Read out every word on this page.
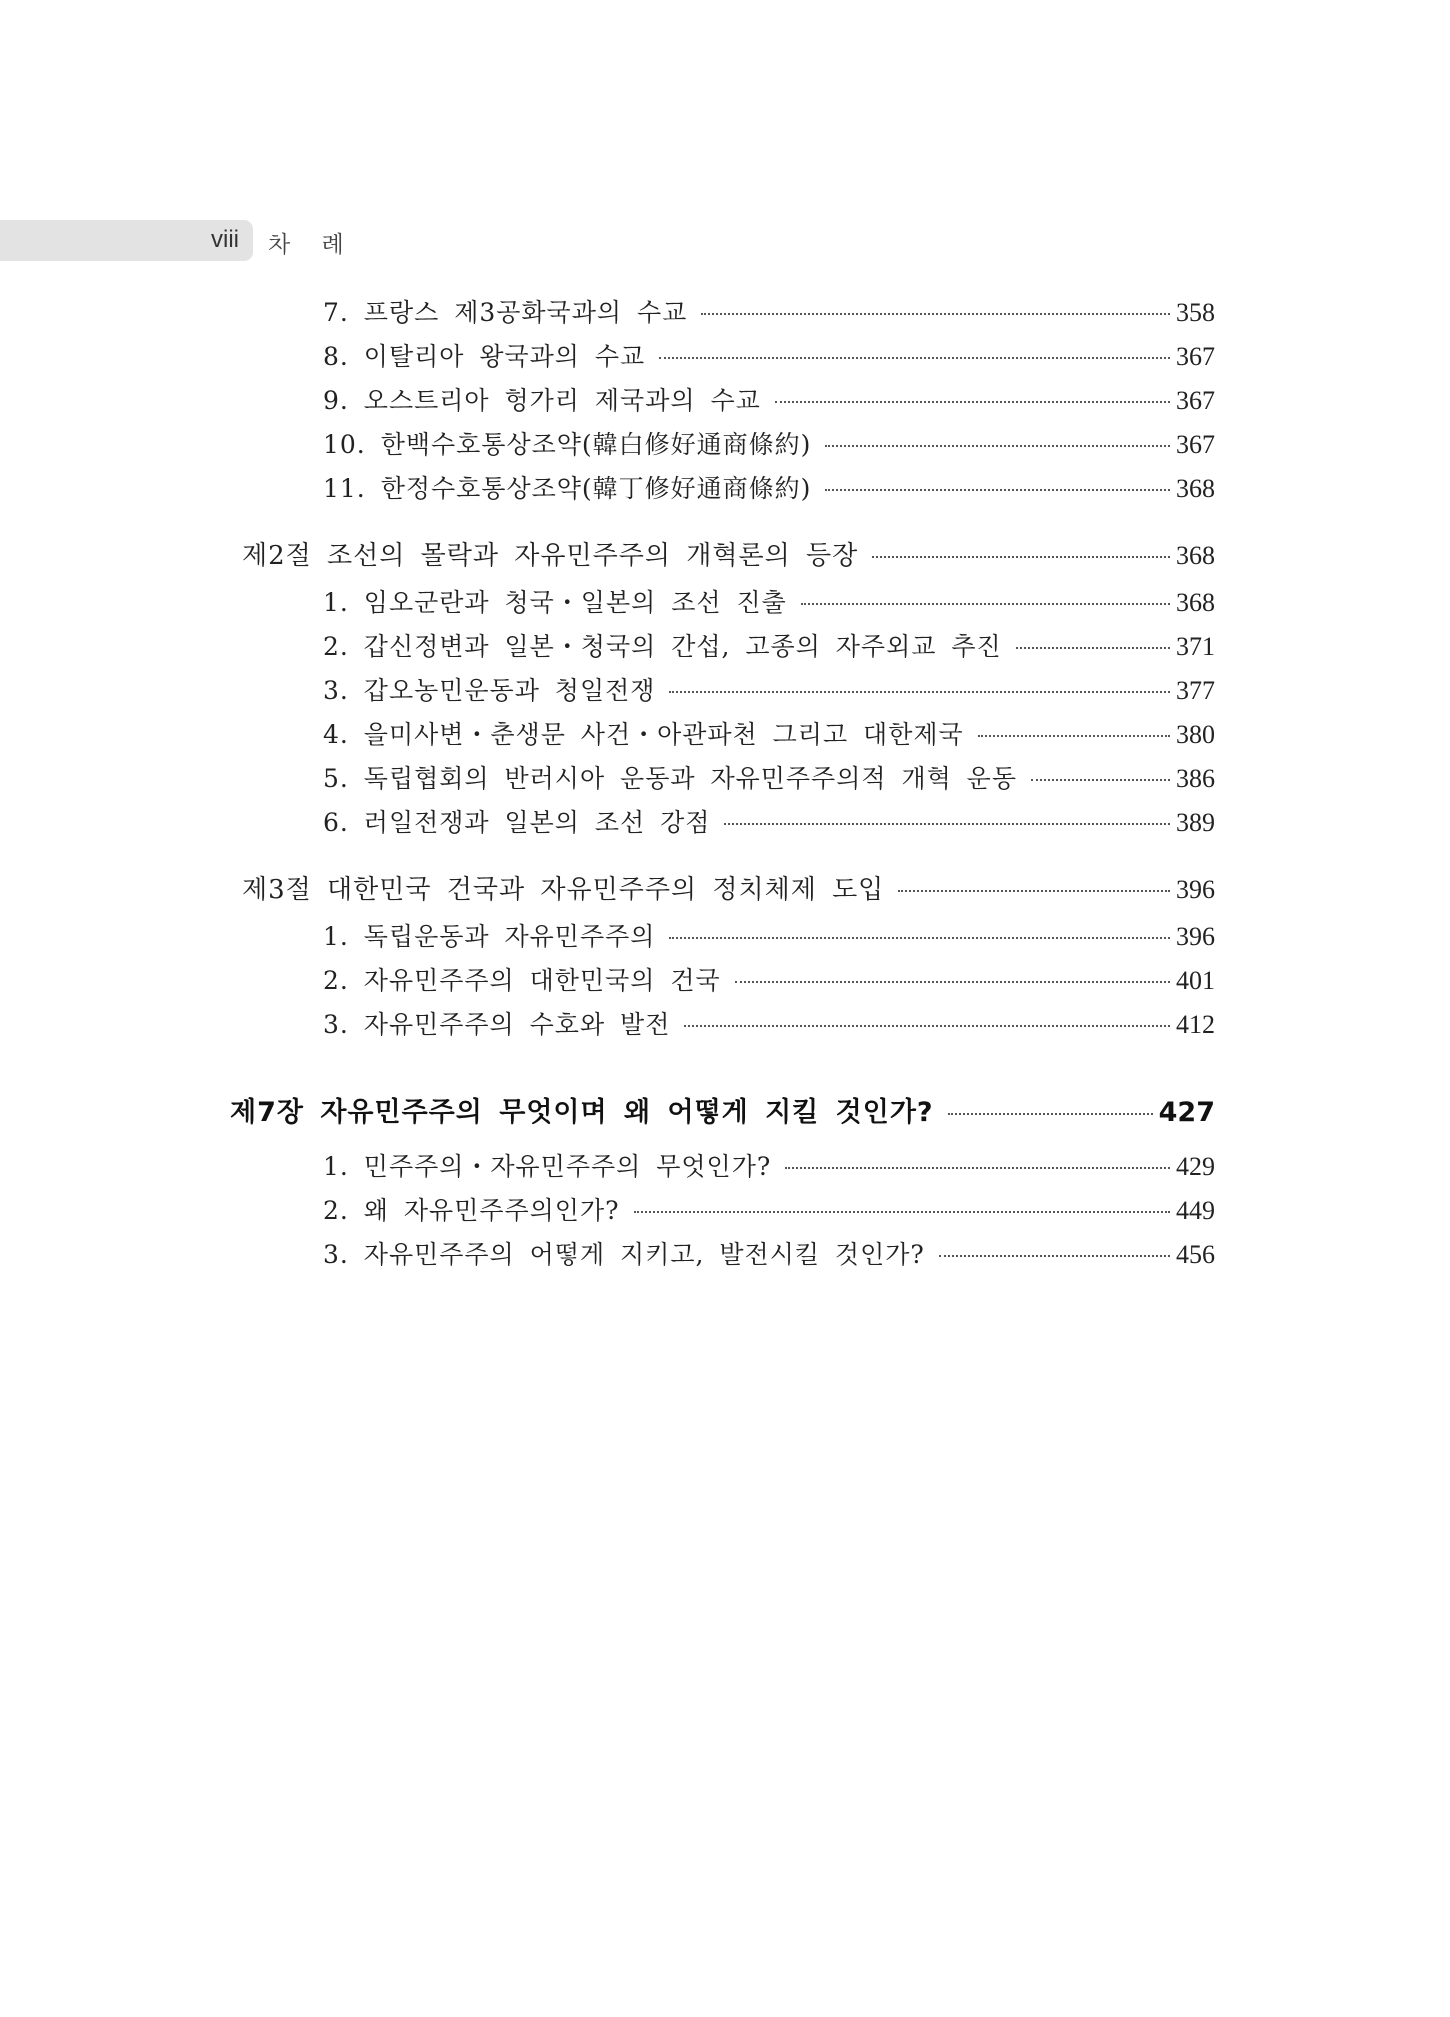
viii 차 례
7. 프랑스 제3공화국과의 수교	358
8. 이탈리아 왕국과의 수교	367
9. 오스트리아 헝가리 제국과의 수교	367
10. 한백수호통상조약(韓白修好通商條約)	367
11. 한정수호통상조약(韓丁修好通商條約)	368
제2절 조선의 몰락과 자유민주주의 개혁론의 등장	368
1. 임오군란과 청국・일본의 조선 진출	368
2. 갑신정변과 일본・청국의 간섭, 고종의 자주외교 추진	371
3. 갑오농민운동과 청일전쟁	377
4. 을미사변・춘생문 사건・아관파천 그리고 대한제국	380
5. 독립협회의 반러시아 운동과 자유민주주의적 개혁 운동	386
6. 러일전쟁과 일본의 조선 강점	389
제3절 대한민국 건국과 자유민주주의 정치체제 도입	396
1. 독립운동과 자유민주주의	396
2. 자유민주주의 대한민국의 건국	401
3. 자유민주주의 수호와 발전	412
제7장 자유민주주의 무엇이며 왜 어떻게 지킬 것인가?	427
1. 민주주의・자유민주주의 무엇인가?	429
2. 왜 자유민주주의인가?	449
3. 자유민주주의 어떻게 지키고, 발전시킬 것인가?	456
